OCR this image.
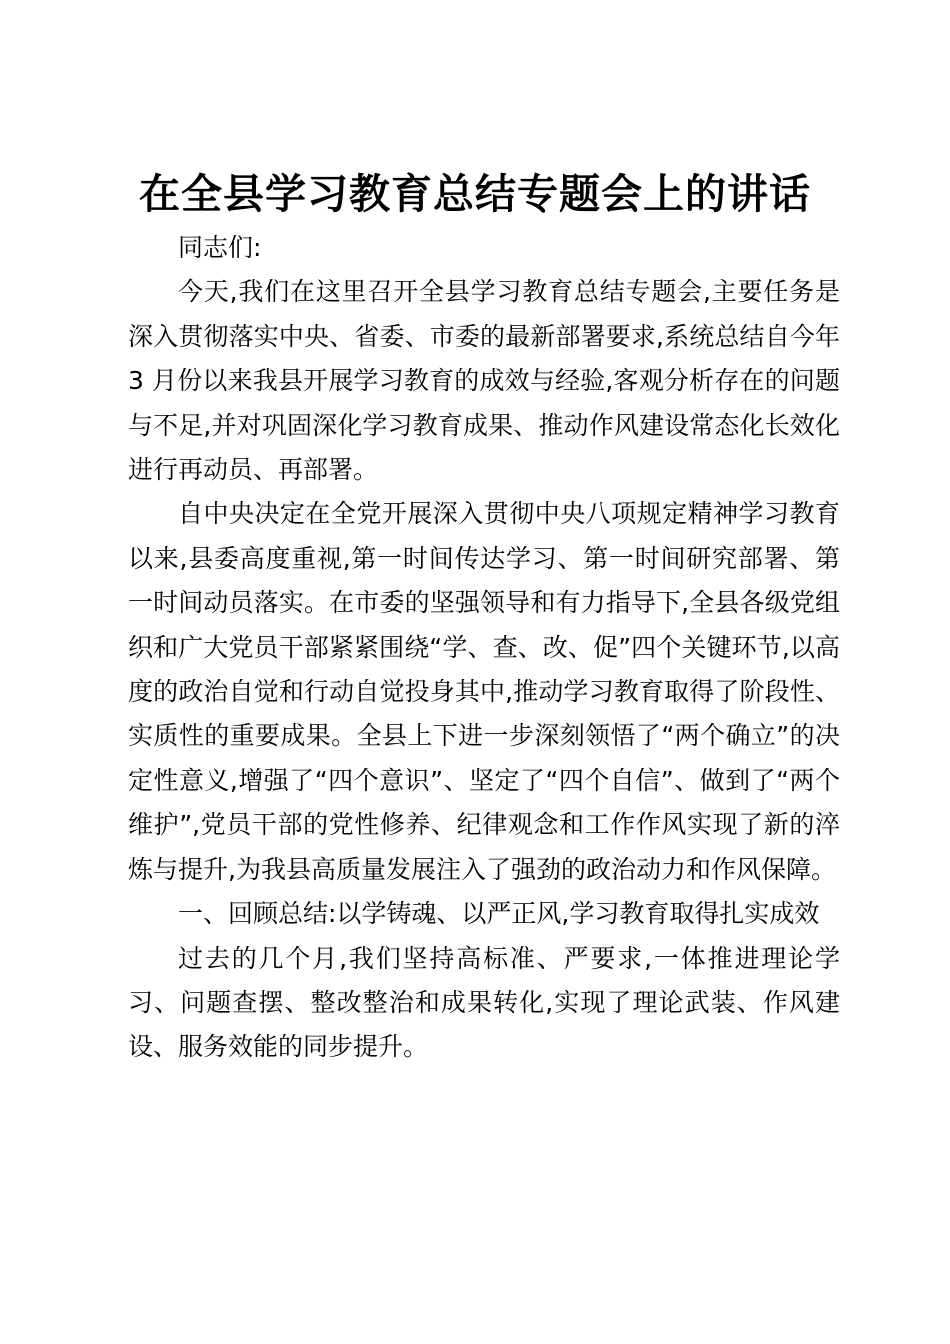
在全县学习教育总结专题会上的讲话

同志们:

今天,我们在这里召开全县学习教育总结专题会,主要任务是深入贯彻落实中央、省委、市委的最新部署要求,系统总结自今年 3 月份以来我县开展学习教育的成效与经验,客观分析存在的问题与不足,并对巩固深化学习教育成果、推动作风建设常态化长效化进行再动员、再部署。

自中央决定在全党开展深入贯彻中央八项规定精神学习教育以来,县委高度重视,第一时间传达学习、第一时间研究部署、第一时间动员落实。在市委的坚强领导和有力指导下,全县各级党组织和广大党员干部紧紧围绕“学、查、改、促”四个关键环节,以高度的政治自觉和行动自觉投身其中,推动学习教育取得了阶段性、实质性的重要成果。全县上下进一步深刻领悟了“两个确立”的决定性意义,增强了“四个意识”、坚定了“四个自信”、做到了“两个维护”,党员干部的党性修养、纪律观念和工作作风实现了新的淬炼与提升,为我县高质量发展注入了强劲的政治动力和作风保障。

一、回顾总结:以学铸魂、以严正风,学习教育取得扎实成效

过去的几个月,我们坚持高标准、严要求,一体推进理论学习、问题查摆、整改整治和成果转化,实现了理论武装、作风建设、服务效能的同步提升。
